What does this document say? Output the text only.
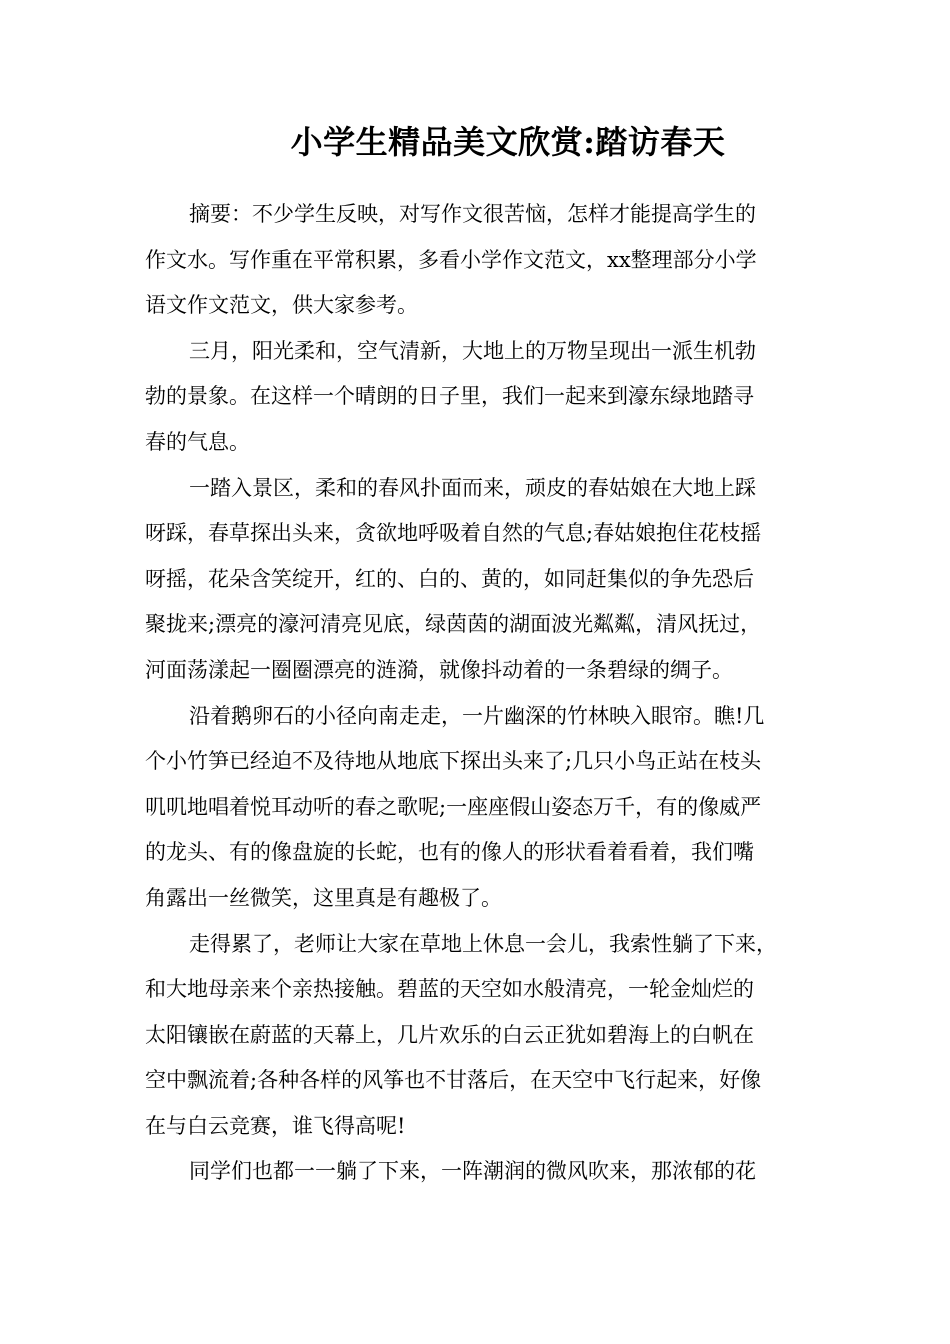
小学生精品美文欣赏:踏访春天
摘要：不少学生反映，对写作文很苦恼，怎样才能提高学生的
作文水。写作重在平常积累，多看小学作文范文，xx整理部分小学
语文作文范文，供大家参考。
三月，阳光柔和，空气清新，大地上的万物呈现出一派生机勃
勃的景象。在这样一个晴朗的日子里，我们一起来到濠东绿地踏寻
春的气息。
一踏入景区，柔和的春风扑面而来，顽皮的春姑娘在大地上踩
呀踩，春草探出头来，贪欲地呼吸着自然的气息;春姑娘抱住花枝摇
呀摇，花朵含笑绽开，红的、白的、黄的，如同赶集似的争先恐后
聚拢来;漂亮的濠河清亮见底，绿茵茵的湖面波光粼粼，清风抚过，
河面荡漾起一圈圈漂亮的涟漪，就像抖动着的一条碧绿的绸子。
沿着鹅卵石的小径向南走走，一片幽深的竹林映入眼帘。瞧!几
个小竹笋已经迫不及待地从地底下探出头来了;几只小鸟正站在枝头
叽叽地唱着悦耳动听的春之歌呢;一座座假山姿态万千，有的像威严
的龙头、有的像盘旋的长蛇，也有的像人的形状看着看着，我们嘴
角露出一丝微笑，这里真是有趣极了。
走得累了，老师让大家在草地上休息一会儿，我索性躺了下来，
和大地母亲来个亲热接触。碧蓝的天空如水般清亮，一轮金灿烂的
太阳镶嵌在蔚蓝的天幕上，几片欢乐的白云正犹如碧海上的白帆在
空中飘流着;各种各样的风筝也不甘落后，在天空中飞行起来，好像
在与白云竞赛，谁飞得高呢!
同学们也都一一躺了下来，一阵潮润的微风吹来，那浓郁的花
